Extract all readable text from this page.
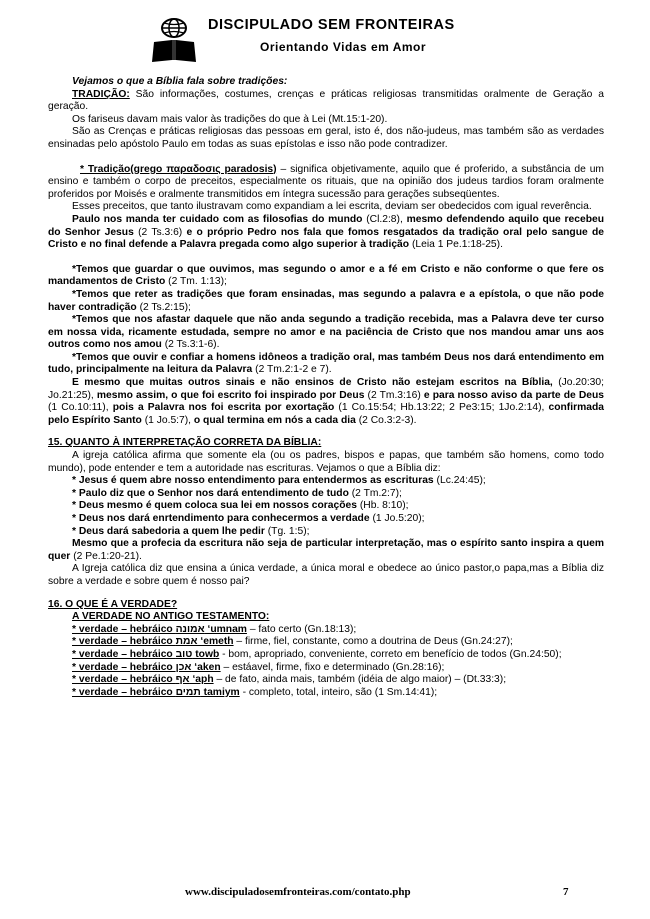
DISCIPULADO SEM FRONTEIRAS
Orientando Vidas em Amor

Vejamos o que a Bíblia fala sobre tradições:

TRADIÇÃO: São informações, costumes, crenças e práticas religiosas transmitidas oralmente de Geração a geração.

Os fariseus davam mais valor às tradições do que à Lei (Mt.15:1-20).

São as Crenças e práticas religiosas das pessoas em geral, isto é, dos não-judeus, mas também são as verdades ensinadas pelo apóstolo Paulo em todas as suas epístolas e isso não pode contradizer.

* Tradição(grego παραδοσις paradosis) – significa objetivamente, aquilo que é proferido, a substância de um ensino e também o corpo de preceitos, especialmente os rituais, que na opinião dos judeus tardios foram oralmente proferidos por Moisés e oralmente transmitidos em íntegra sucessão para gerações subseqüentes.

Esses preceitos, que tanto ilustravam como expandiam a lei escrita, deviam ser obedecidos com igual reverência.

Paulo nos manda ter cuidado com as filosofias do mundo (Cl.2:8), mesmo defendendo aquilo que recebeu do Senhor Jesus (2 Ts.3:6) e o próprio Pedro nos fala que fomos resgatados da tradição oral pelo sangue de Cristo e no final defende a Palavra pregada como algo superior à tradição (Leia 1 Pe.1:18-25).

*Temos que guardar o que ouvimos, mas segundo o amor e a fé em Cristo e não conforme o que fere os mandamentos de Cristo (2 Tm. 1:13);

*Temos que reter as tradições que foram ensinadas, mas segundo a palavra e a epístola, o que não pode haver contradição (2 Ts.2:15);

*Temos que nos afastar daquele que não anda segundo a tradição recebida, mas a Palavra deve ter curso em nossa vida, ricamente estudada, sempre no amor e na paciência de Cristo que nos mandou amar uns aos outros como nos amou (2 Ts.3:1-6).

*Temos que ouvir e confiar a homens idôneos a tradição oral, mas também Deus nos dará entendimento em tudo, principalmente na leitura da Palavra (2 Tm.2:1-2 e 7).

E mesmo que muitas outros sinais e não ensinos de Cristo não estejam escritos na Bíblia, (Jo.20:30; Jo.21:25), mesmo assim, o que foi escrito foi inspirado por Deus (2 Tm.3:16) e para nosso aviso da parte de Deus (1 Co.10:11), pois a Palavra nos foi escrita por exortação (1 Co.15:54; Hb.13:22; 2 Pe3:15; 1Jo.2:14), confirmada pelo Espírito Santo (1 Jo.5:7), o qual termina em nós a cada dia (2 Co.3:2-3).

15. QUANTO À INTERPRETAÇÃO CORRETA DA BÍBLIA:

A igreja católica afirma que somente ela (ou os padres, bispos e papas, que também são homens, como todo mundo), pode entender e tem a autoridade nas escrituras. Vejamos o que a Bíblia diz:

* Jesus é quem abre nosso entendimento para entendermos as escrituras (Lc.24:45);

* Paulo diz que o Senhor nos dará entendimento de tudo (2 Tm.2:7);

* Deus mesmo é quem coloca sua lei em nossos corações (Hb. 8:10);

* Deus nos dará enrtendimento para conhecermos a verdade (1 Jo.5:20);

* Deus dará sabedoria a quem lhe pedir (Tg. 1:5);

Mesmo que a profecia da escritura não seja de particular interpretação, mas o espírito santo inspira a quem quer (2 Pe.1:20-21).

A Igreja católica diz que ensina a única verdade, a única moral e obedece ao único pastor,o papa,mas a Bíblia diz sobre a verdade e sobre quem é nosso pai?

16. O QUE É A VERDADE?

A VERDADE NO ANTIGO TESTAMENTO:

* verdade – hebráico אמונה ‘umnam – fato certo (Gn.18:13);

* verdade – hebráico אמת ‘emeth – firme, fiel, constante, como a doutrina de Deus (Gn.24:27);

* verdade – hebráico טוב towb - bom, apropriado, conveniente, correto em benefício de todos (Gn.24:50);

* verdade – hebráico אכן ‘aken – estáavel, firme, fixo e determinado (Gn.28:16);

* verdade – hebráico אף ‘aph – de fato, ainda mais, também (idéia de algo maior) – (Dt.33:3);

* verdade – hebráico תמים tamiym - completo, total, inteiro, são (1 Sm.14:41);

www.discipuladosemfronteiras.com/contato.php	7
